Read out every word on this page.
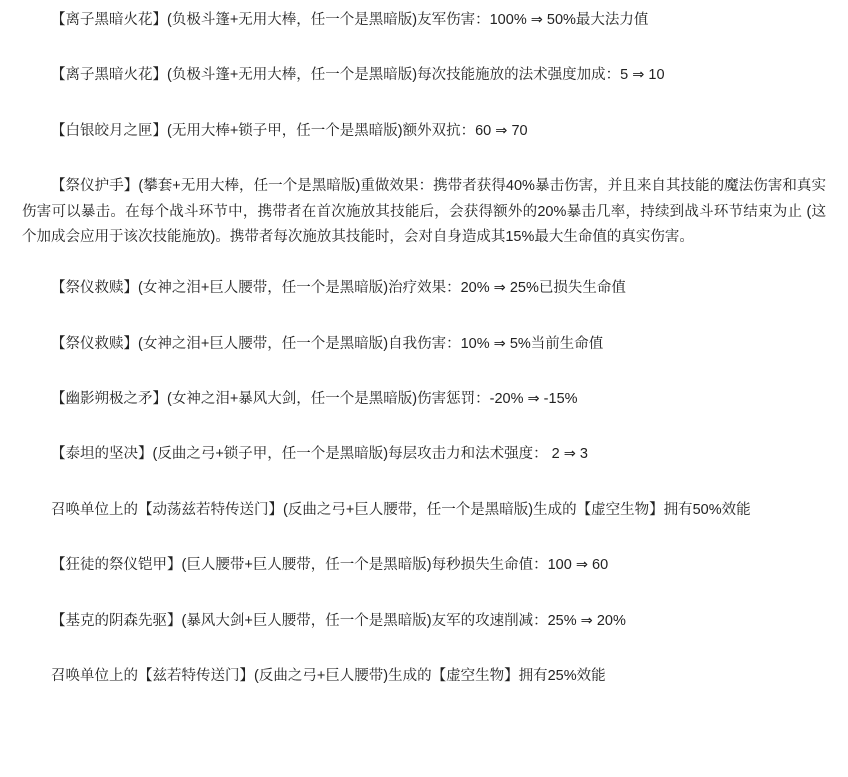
【离子黑暗火花】(负极斗篷+无用大棒，任一个是黑暗版)友军伤害：100% ⇒ 50%最大法力值

【离子黑暗火花】(负极斗篷+无用大棒，任一个是黑暗版)每次技能施放的法术强度加成：5 ⇒ 10

【白银皎月之匣】(无用大棒+锁子甲，任一个是黑暗版)额外双抗：60 ⇒ 70

【祭仪护手】(攀套+无用大棒，任一个是黑暗版)重做效果：携带者获得40%暴击伤害，并且来自其技能的魔法伤害和真实伤害可以暴击。在每个战斗环节中，携带者在首次施放其技能后，会获得额外的20%暴击几率，持续到战斗环节结束为止 (这个加成会应用于该次技能施放)。携带者每次施放其技能时，会对自身造成其15%最大生命值的真实伤害。

【祭仪救赎】(女神之泪+巨人腰带，任一个是黑暗版)治疗效果：20% ⇒ 25%已损失生命值

【祭仪救赎】(女神之泪+巨人腰带，任一个是黑暗版)自我伤害：10% ⇒ 5%当前生命值

【幽影朔极之矛】(女神之泪+暴风大剑，任一个是黑暗版)伤害惩罚：-20% ⇒ -15%

【泰坦的坚决】(反曲之弓+锁子甲，任一个是黑暗版)每层攻击力和法术强度： 2 ⇒ 3

召唤单位上的【动荡兹若特传送门】(反曲之弓+巨人腰带，任一个是黑暗版)生成的【虚空生物】拥有50%效能

【狂徒的祭仪铠甲】(巨人腰带+巨人腰带，任一个是黑暗版)每秒损失生命值：100 ⇒ 60

【基克的阴森先驱】(暴风大剑+巨人腰带，任一个是黑暗版)友军的攻速削减：25% ⇒ 20%

召唤单位上的【兹若特传送门】(反曲之弓+巨人腰带)生成的【虚空生物】拥有25%效能
